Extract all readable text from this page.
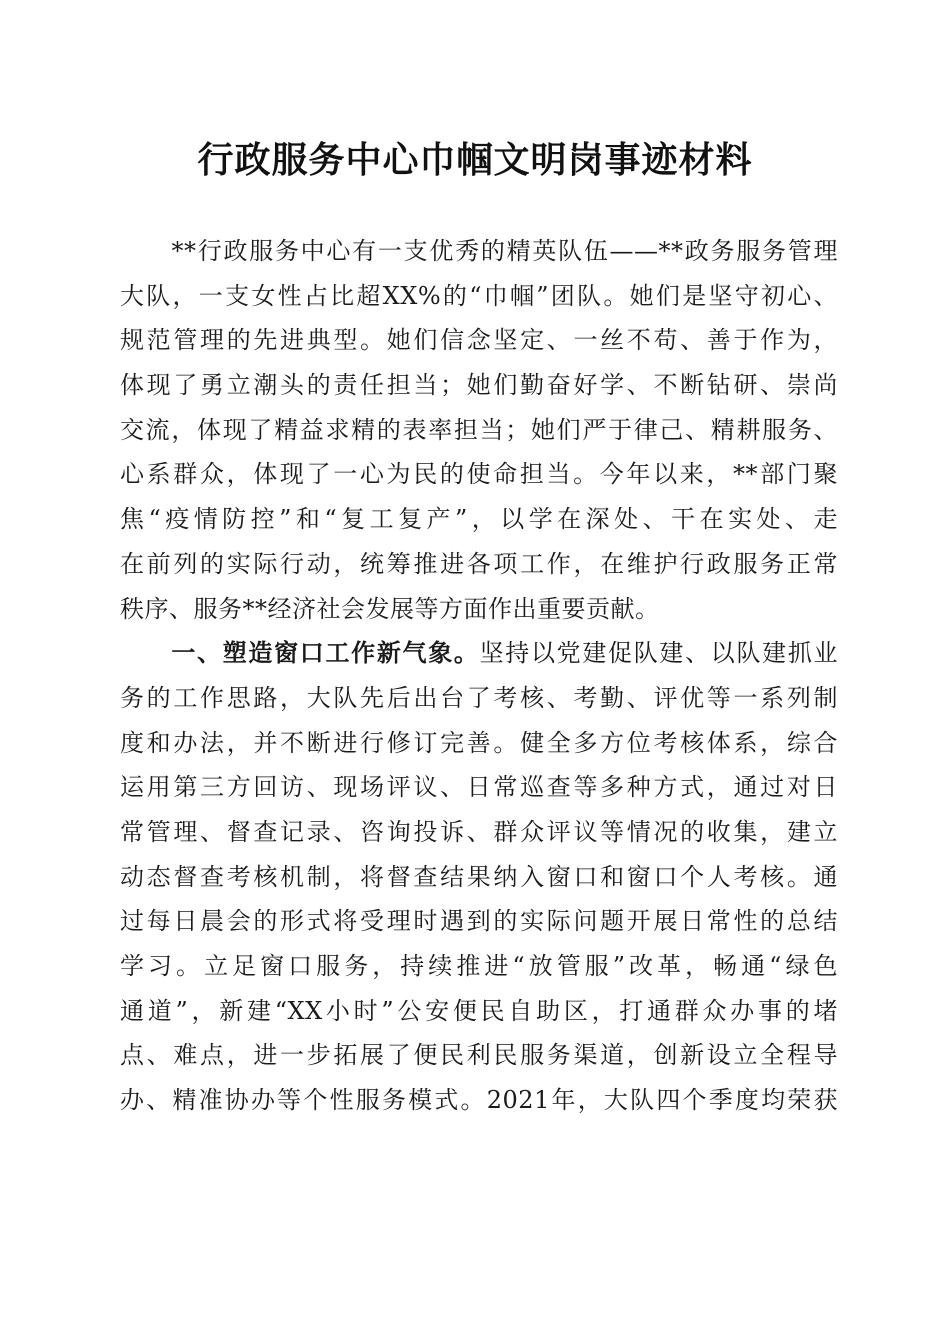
行政服务中心巾帼文明岗事迹材料
　　**行政服务中心有一支优秀的精英队伍——**政务服务管理
大队，一支女性占比超XX%的“巾帼”团队。她们是坚守初心、
规范管理的先进典型。她们信念坚定、一丝不苟、善于作为，
体现了勇立潮头的责任担当；她们勤奋好学、不断钻研、崇尚
交流，体现了精益求精的表率担当；她们严于律己、精耕服务、
心系群众，体现了一心为民的使命担当。今年以来，**部门聚
焦“疫情防控”和“复工复产”，以学在深处、干在实处、走
在前列的实际行动，统筹推进各项工作，在维护行政服务正常
秩序、服务**经济社会发展等方面作出重要贡献。
　　一、塑造窗口工作新气象。坚持以党建促队建、以队建抓业
务的工作思路，大队先后出台了考核、考勤、评优等一系列制
度和办法，并不断进行修订完善。健全多方位考核体系，综合
运用第三方回访、现场评议、日常巡查等多种方式，通过对日
常管理、督查记录、咨询投诉、群众评议等情况的收集，建立
动态督查考核机制，将督查结果纳入窗口和窗口个人考核。通
过每日晨会的形式将受理时遇到的实际问题开展日常性的总结
学习。立足窗口服务，持续推进“放管服”改革，畅通“绿色
通道”，新建“XX小时”公安便民自助区，打通群众办事的堵
点、难点，进一步拓展了便民利民服务渠道，创新设立全程导
办、精准协办等个性服务模式。2021年，大队四个季度均荣获
